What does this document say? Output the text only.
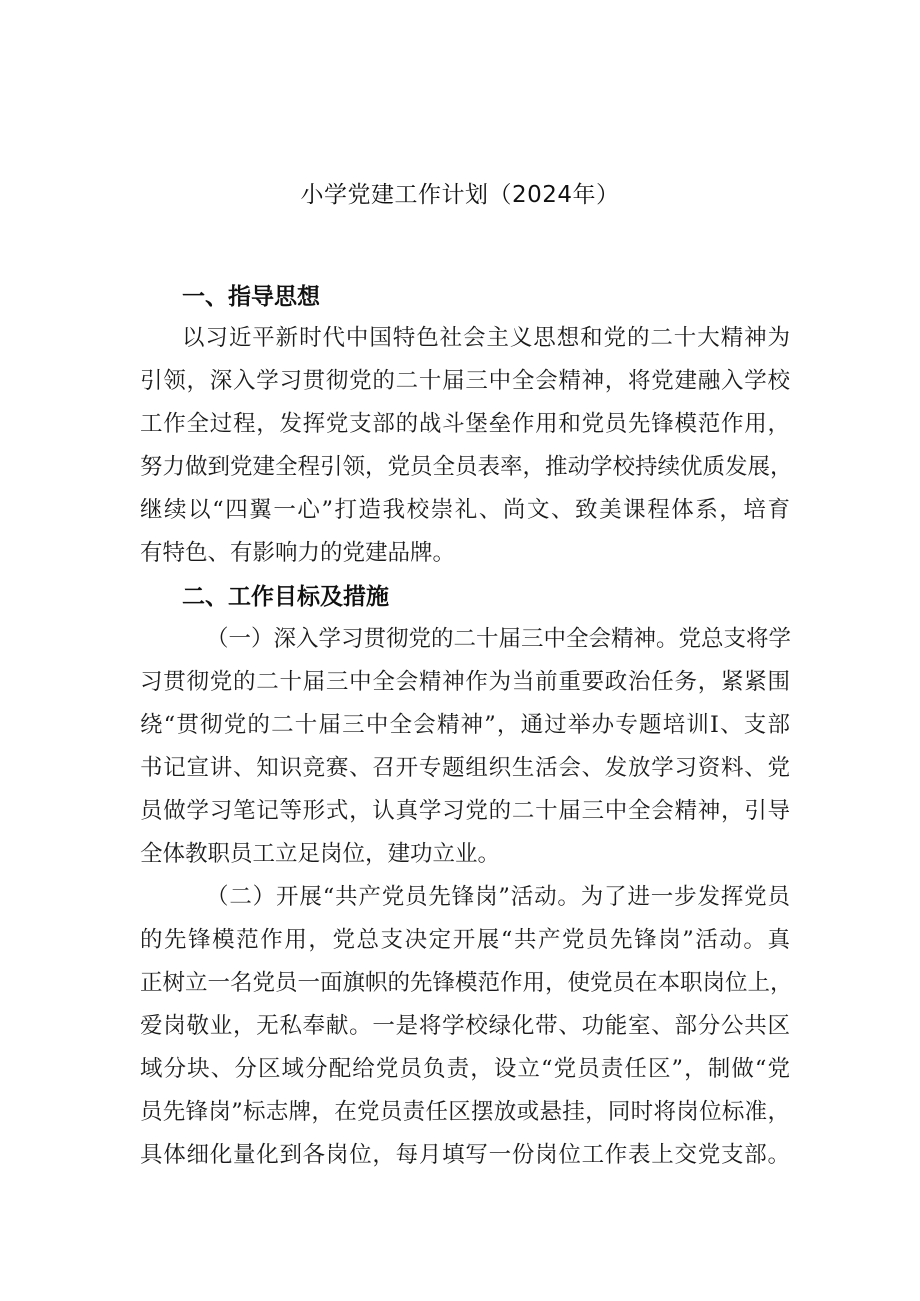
小学党建工作计划（2024年）
一、指导思想
以习近平新时代中国特色社会主义思想和党的二十大精神为
引领，深入学习贯彻党的二十届三中全会精神，将党建融入学校
工作全过程，发挥党支部的战斗堡垒作用和党员先锋模范作用，
努力做到党建全程引领，党员全员表率，推动学校持续优质发展，
继续以“四翼一心”打造我校崇礼、尚文、致美课程体系，培育
有特色、有影响力的党建品牌。
二、工作目标及措施
（一）深入学习贯彻党的二十届三中全会精神。党总支将学
习贯彻党的二十届三中全会精神作为当前重要政治任务，紧紧围
绕“贯彻党的二十届三中全会精神”，通过举办专题培训I、支部
书记宣讲、知识竞赛、召开专题组织生活会、发放学习资料、党
员做学习笔记等形式，认真学习党的二十届三中全会精神，引导
全体教职员工立足岗位，建功立业。
（二）开展“共产党员先锋岗”活动。为了进一步发挥党员
的先锋模范作用，党总支决定开展“共产党员先锋岗”活动。真
正树立一名党员一面旗帜的先锋模范作用，使党员在本职岗位上，
爱岗敬业，无私奉献。一是将学校绿化带、功能室、部分公共区
域分块、分区域分配给党员负责，设立“党员责任区”，制做“党
员先锋岗”标志牌，在党员责任区摆放或悬挂，同时将岗位标准，
具体细化量化到各岗位，每月填写一份岗位工作表上交党支部。
